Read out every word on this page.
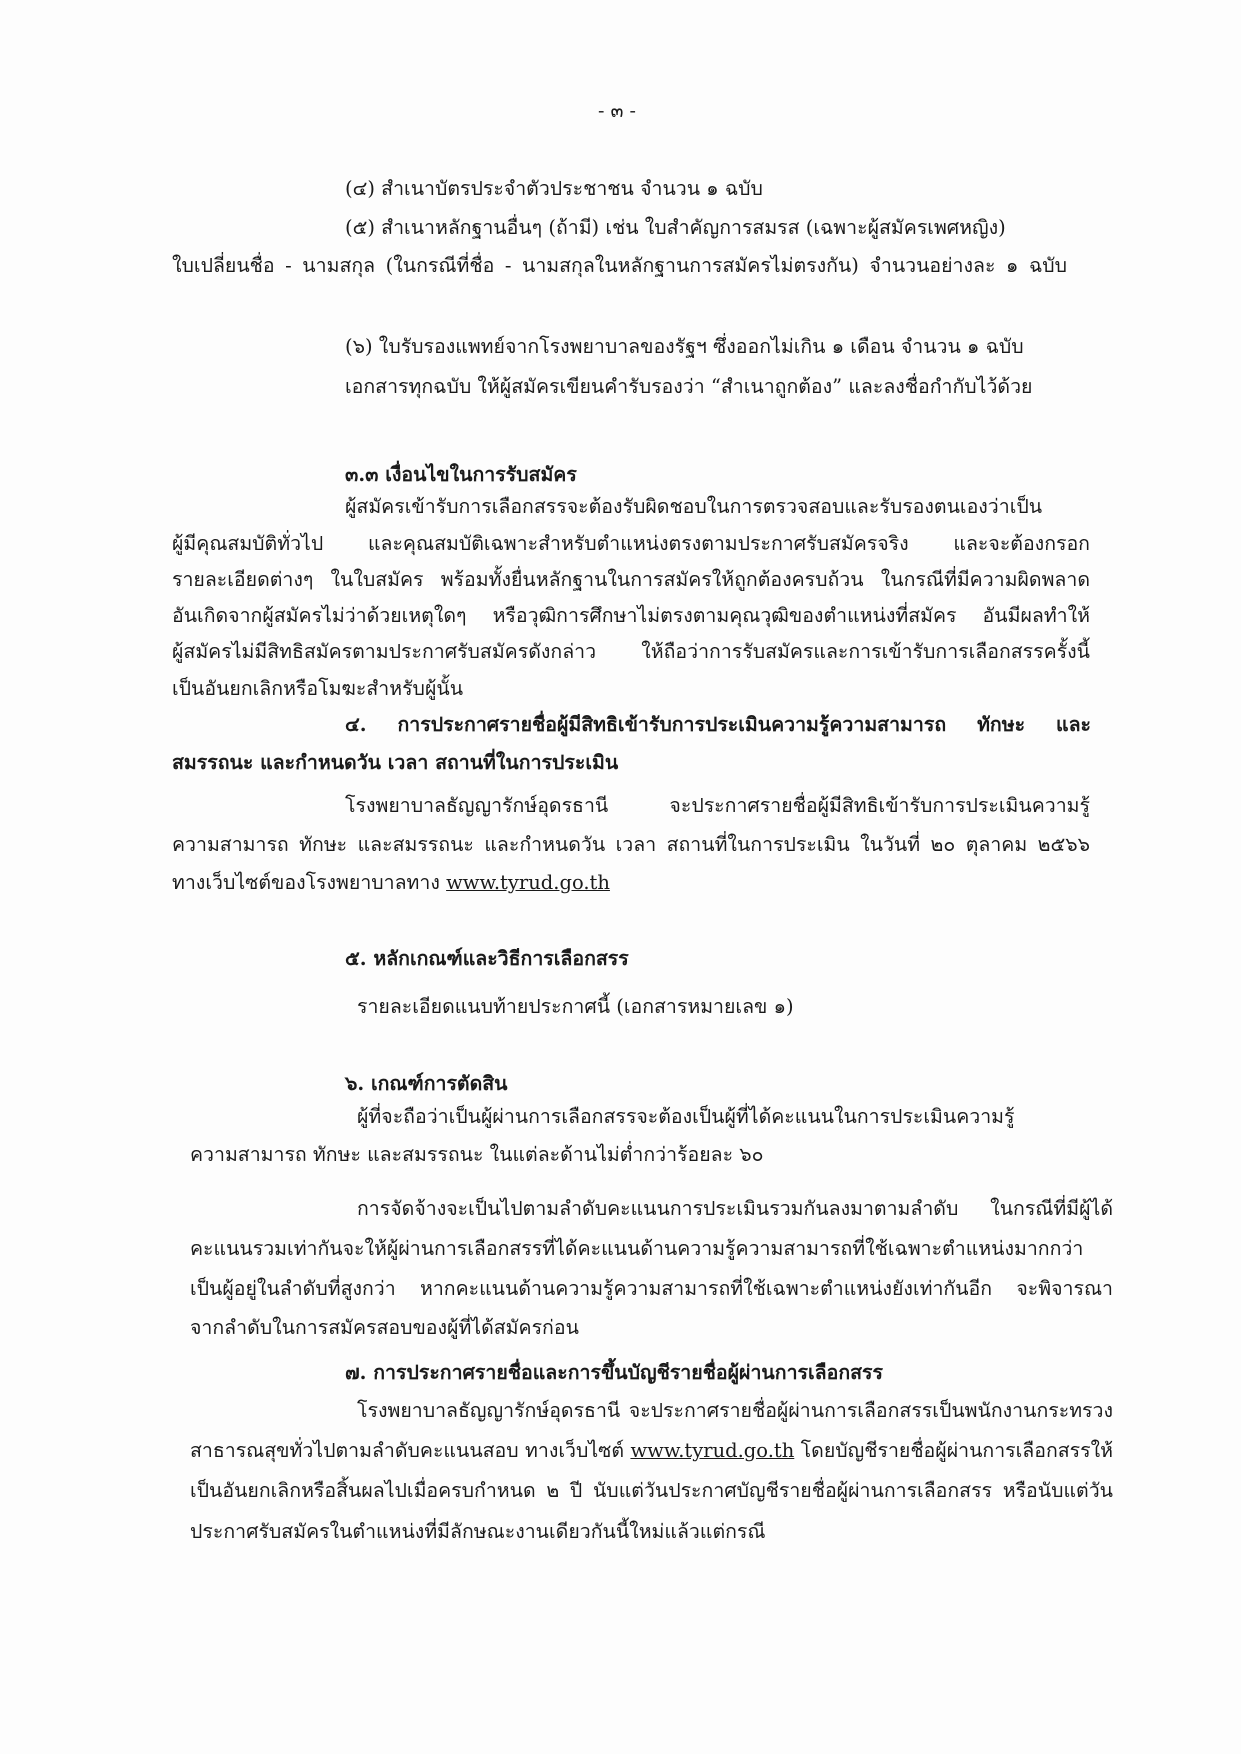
- ๓ -
(๔) สำเนาบัตรประจำตัวประชาชน จำนวน ๑ ฉบับ
(๕) สำเนาหลักฐานอื่นๆ (ถ้ามี) เช่น ใบสำคัญการสมรส (เฉพาะผู้สมัครเพศหญิง)
ใบเปลี่ยนชื่อ - นามสกุล (ในกรณีที่ชื่อ - นามสกุลในหลักฐานการสมัครไม่ตรงกัน) จำนวนอย่างละ ๑ ฉบับ
(๖) ใบรับรองแพทย์จากโรงพยาบาลของรัฐฯ ซึ่งออกไม่เกิน ๑ เดือน จำนวน ๑ ฉบับ
เอกสารทุกฉบับ ให้ผู้สมัครเขียนคำรับรองว่า “สำเนาถูกต้อง” และลงชื่อกำกับไว้ด้วย
๓.๓ เงื่อนไขในการรับสมัคร
ผู้สมัครเข้ารับการเลือกสรรจะต้องรับผิดชอบในการตรวจสอบและรับรองตนเองว่าเป็น
ผู้มีคุณสมบัติทั่วไป และคุณสมบัติเฉพาะสำหรับตำแหน่งตรงตามประกาศรับสมัครจริง และจะต้องกรอก
รายละเอียดต่างๆ ในใบสมัคร พร้อมทั้งยื่นหลักฐานในการสมัครให้ถูกต้องครบถ้วน ในกรณีที่มีความผิดพลาด
อันเกิดจากผู้สมัครไม่ว่าด้วยเหตุใดๆ หรือวุฒิการศึกษาไม่ตรงตามคุณวุฒิของตำแหน่งที่สมัคร อันมีผลทำให้
ผู้สมัครไม่มีสิทธิสมัครตามประกาศรับสมัครดังกล่าว ให้ถือว่าการรับสมัครและการเข้ารับการเลือกสรรครั้งนี้
เป็นอันยกเลิกหรือโมฆะสำหรับผู้นั้น
๔. การประกาศรายชื่อผู้มีสิทธิเข้ารับการประเมินความรู้ความสามารถ ทักษะ และ
สมรรถนะ และกำหนดวัน เวลา สถานที่ในการประเมิน
โรงพยาบาลธัญญารักษ์อุดรธานี จะประกาศรายชื่อผู้มีสิทธิเข้ารับการประเมินความรู้
ความสามารถ ทักษะ และสมรรถนะ และกำหนดวัน เวลา สถานที่ในการประเมิน ในวันที่ ๒๐ ตุลาคม ๒๕๖๖
ทางเว็บไซต์ของโรงพยาบาลทาง www.tyrud.go.th
๕. หลักเกณฑ์และวิธีการเลือกสรร
รายละเอียดแนบท้ายประกาศนี้ (เอกสารหมายเลข ๑)
๖. เกณฑ์การตัดสิน
ผู้ที่จะถือว่าเป็นผู้ผ่านการเลือกสรรจะต้องเป็นผู้ที่ได้คะแนนในการประเมินความรู้
ความสามารถ ทักษะ และสมรรถนะ ในแต่ละด้านไม่ต่ำกว่าร้อยละ ๖๐
การจัดจ้างจะเป็นไปตามลำดับคะแนนการประเมินรวมกันลงมาตามลำดับ ในกรณีที่มีผู้ได้
คะแนนรวมเท่ากันจะให้ผู้ผ่านการเลือกสรรที่ได้คะแนนด้านความรู้ความสามารถที่ใช้เฉพาะตำแหน่งมากกว่า
เป็นผู้อยู่ในลำดับที่สูงกว่า หากคะแนนด้านความรู้ความสามารถที่ใช้เฉพาะตำแหน่งยังเท่ากันอีก จะพิจารณา
จากลำดับในการสมัครสอบของผู้ที่ได้สมัครก่อน
๗. การประกาศรายชื่อและการขึ้นบัญชีรายชื่อผู้ผ่านการเลือกสรร
โรงพยาบาลธัญญารักษ์อุดรธานี จะประกาศรายชื่อผู้ผ่านการเลือกสรรเป็นพนักงานกระทรวง
สาธารณสุขทั่วไปตามลำดับคะแนนสอบ ทางเว็บไซต์ www.tyrud.go.th โดยบัญชีรายชื่อผู้ผ่านการเลือกสรรให้
เป็นอันยกเลิกหรือสิ้นผลไปเมื่อครบกำหนด ๒ ปี นับแต่วันประกาศบัญชีรายชื่อผู้ผ่านการเลือกสรร หรือนับแต่วัน
ประกาศรับสมัครในตำแหน่งที่มีลักษณะงานเดียวกันนี้ใหม่แล้วแต่กรณี
